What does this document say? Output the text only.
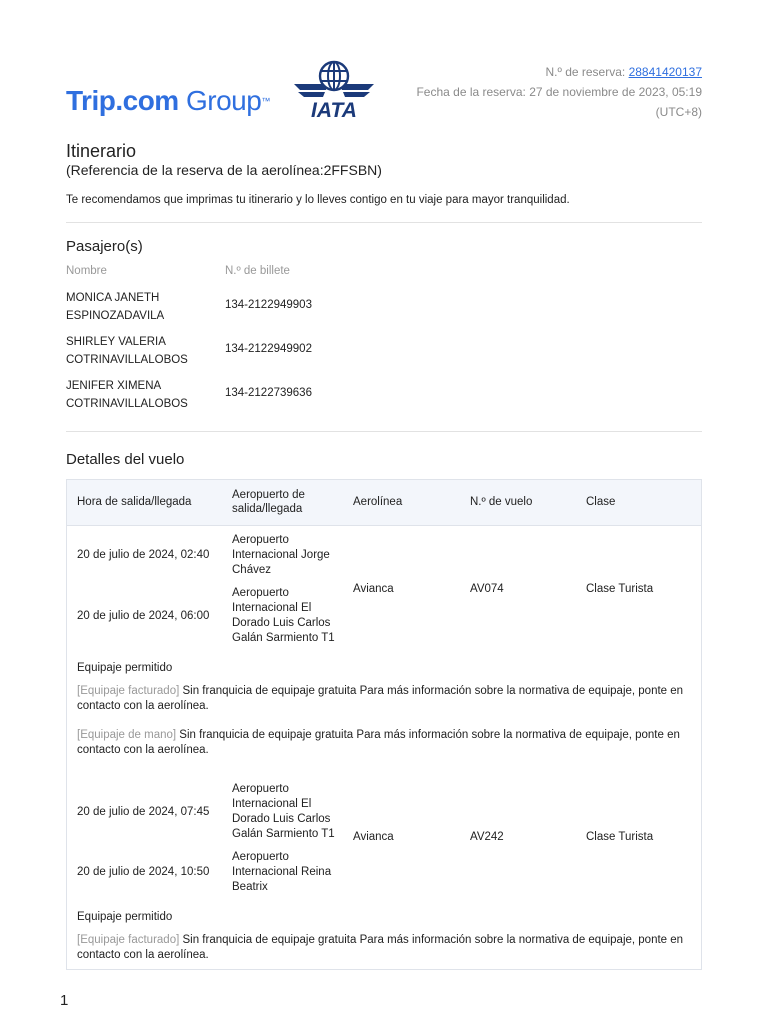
Trip.com Group™ IATA
N.º de reserva: 28841420137
Fecha de la reserva: 27 de noviembre de 2023, 05:19
(UTC+8)
Itinerario
(Referencia de la reserva de la aerolínea:2FFSBN)
Te recomendamos que imprimas tu itinerario y lo lleves contigo en tu viaje para mayor tranquilidad.
Pasajero(s)
Nombre	N.º de billete
MONICA JANETH
ESPINOZADAVILA
134-2122949903
SHIRLEY VALERIA
COTRINAVILLALOBOS
134-2122949902
JENIFER XIMENA
COTRINAVILLALOBOS
134-2122739636
Detalles del vuelo
Hora de salida/llegada
Aeropuerto de
salida/llegada
Aerolínea	N.º de vuelo	Clase
20 de julio de 2024, 02:40
Aeropuerto
Internacional Jorge
Chávez
20 de julio de 2024, 06:00
Aeropuerto
Internacional El
Dorado Luis Carlos
Galán Sarmiento T1
Avianca	AV074	Clase Turista
Equipaje permitido
[Equipaje facturado] Sin franquicia de equipaje gratuita Para más información sobre la normativa de equipaje, ponte en contacto con la aerolínea.
[Equipaje de mano] Sin franquicia de equipaje gratuita Para más información sobre la normativa de equipaje, ponte en contacto con la aerolínea.
20 de julio de 2024, 07:45
Aeropuerto
Internacional El
Dorado Luis Carlos
Galán Sarmiento T1
20 de julio de 2024, 10:50
Aeropuerto
Internacional Reina
Beatrix
Avianca	AV242	Clase Turista
Equipaje permitido
[Equipaje facturado] Sin franquicia de equipaje gratuita Para más información sobre la normativa de equipaje, ponte en contacto con la aerolínea.
1
